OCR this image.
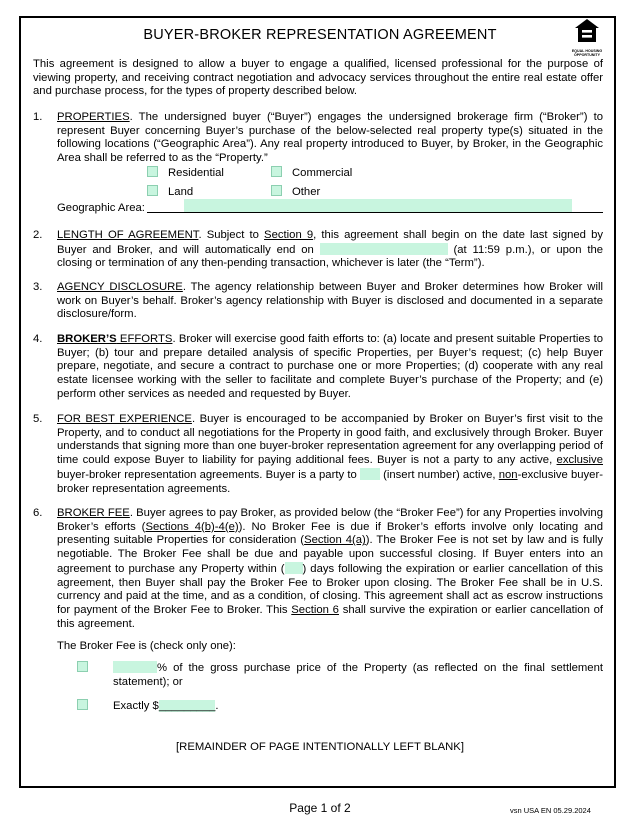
BUYER-BROKER REPRESENTATION AGREEMENT
EQUAL HOUSING
OPPORTUNITY
This agreement is designed to allow a buyer to engage a qualified, licensed professional for the purpose of viewing property, and receiving contract negotiation and advocacy services throughout the entire real estate offer and purchase process, for the types of property described below.
1. PROPERTIES. The undersigned buyer (“Buyer”) engages the undersigned brokerage firm (“Broker”) to represent Buyer concerning Buyer’s purchase of the below-selected real property type(s) situated in the following locations (“Geographic Area”). Any real property introduced to Buyer, by Broker, in the Geographic Area shall be referred to as the “Property.”
Residential	Commercial
Land	Other
Geographic Area:
2. LENGTH OF AGREEMENT. Subject to Section 9, this agreement shall begin on the date last signed by Buyer and Broker, and will automatically end on	(at 11:59 p.m.), or upon the closing or termination of any then-pending transaction, whichever is later (the “Term”).
3. AGENCY DISCLOSURE. The agency relationship between Buyer and Broker determines how Broker will work on Buyer’s behalf. Broker’s agency relationship with Buyer is disclosed and documented in a separate disclosure/form.
4. BROKER’S EFFORTS. Broker will exercise good faith efforts to: (a) locate and present suitable Properties to Buyer; (b) tour and prepare detailed analysis of specific Properties, per Buyer’s request; (c) help Buyer prepare, negotiate, and secure a contract to purchase one or more Properties; (d) cooperate with any real estate licensee working with the seller to facilitate and complete Buyer’s purchase of the Property; and (e) perform other services as needed and requested by Buyer.
5. FOR BEST EXPERIENCE. Buyer is encouraged to be accompanied by Broker on Buyer’s first visit to the Property, and to conduct all negotiations for the Property in good faith, and exclusively through Broker. Buyer understands that signing more than one buyer-broker representation agreement for any overlapping period of time could expose Buyer to liability for paying additional fees. Buyer is not a party to any active, exclusive buyer-broker representation agreements. Buyer is a party to (insert number) active, non-exclusive buyer-broker representation agreements.
6. BROKER FEE. Buyer agrees to pay Broker, as provided below (the “Broker Fee”) for any Properties involving Broker’s efforts (Sections 4(b)-4(e)). No Broker Fee is due if Broker’s efforts involve only locating and presenting suitable Properties for consideration (Section 4(a)). The Broker Fee is not set by law and is fully negotiable. The Broker Fee shall be due and payable upon successful closing. If Buyer enters into an agreement to purchase any Property within ( ) days following the expiration or earlier cancellation of this agreement, then Buyer shall pay the Broker Fee to Broker upon closing. The Broker Fee shall be in U.S. currency and paid at the time, and as a condition, of closing. This agreement shall act as escrow instructions for payment of the Broker Fee to Broker. This Section 6 shall survive the expiration or earlier cancellation of this agreement.
The Broker Fee is (check only one):
% of the gross purchase price of the Property (as reflected on the final settlement statement); or
Exactly $_________.
[REMAINDER OF PAGE INTENTIONALLY LEFT BLANK]
Page 1 of 2	vsn USA EN 05.29.2024
